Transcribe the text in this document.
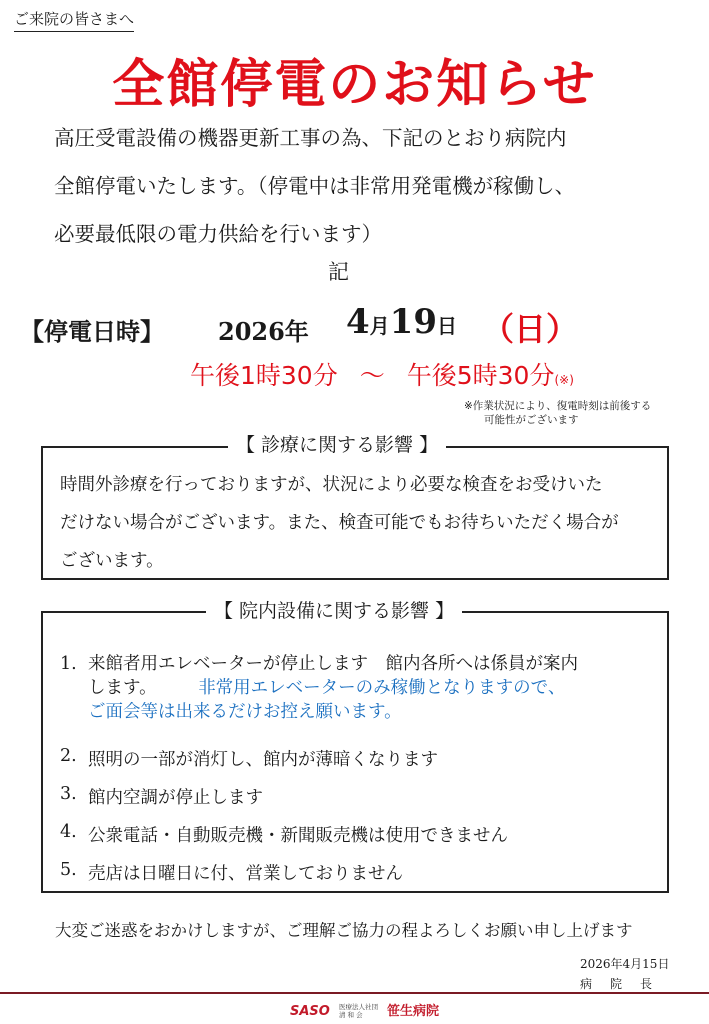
ご来院の皆さまへ
全館停電のお知らせ
高圧受電設備の機器更新工事の為、下記のとおり病院内
全館停電いたします。（停電中は非常用発電機が稼働し、
必要最低限の電力供給を行います）
記
【停電日時】 2026年 4月19日 （日）
午後1時30分 ～ 午後5時30分(※)
※作業状況により、復電時刻は前後する
可能性がございます
【 診療に関する影響 】
時間外診療を行っておりますが、状況により必要な検査をお受けいた
だけない場合がございます。また、検査可能でもお待ちいただく場合が
ございます。
【 院内設備に関する影響 】
1. 来館者用エレベーターが停止します　館内各所へは係員が案内
します。 非常用エレベーターのみ稼働となりますので、
ご面会等は出来るだけお控え願います。
2. 照明の一部が消灯し、館内が薄暗くなります
3. 館内空調が停止します
4. 公衆電話・自動販売機・新聞販売機は使用できません
5. 売店は日曜日に付、営業しておりません
大変ご迷惑をおかけしますが、ご理解ご協力の程よろしくお願い申し上げます
2026年4月15日
病院長
SASO 医療法人社団
清 和 会 笹生病院
